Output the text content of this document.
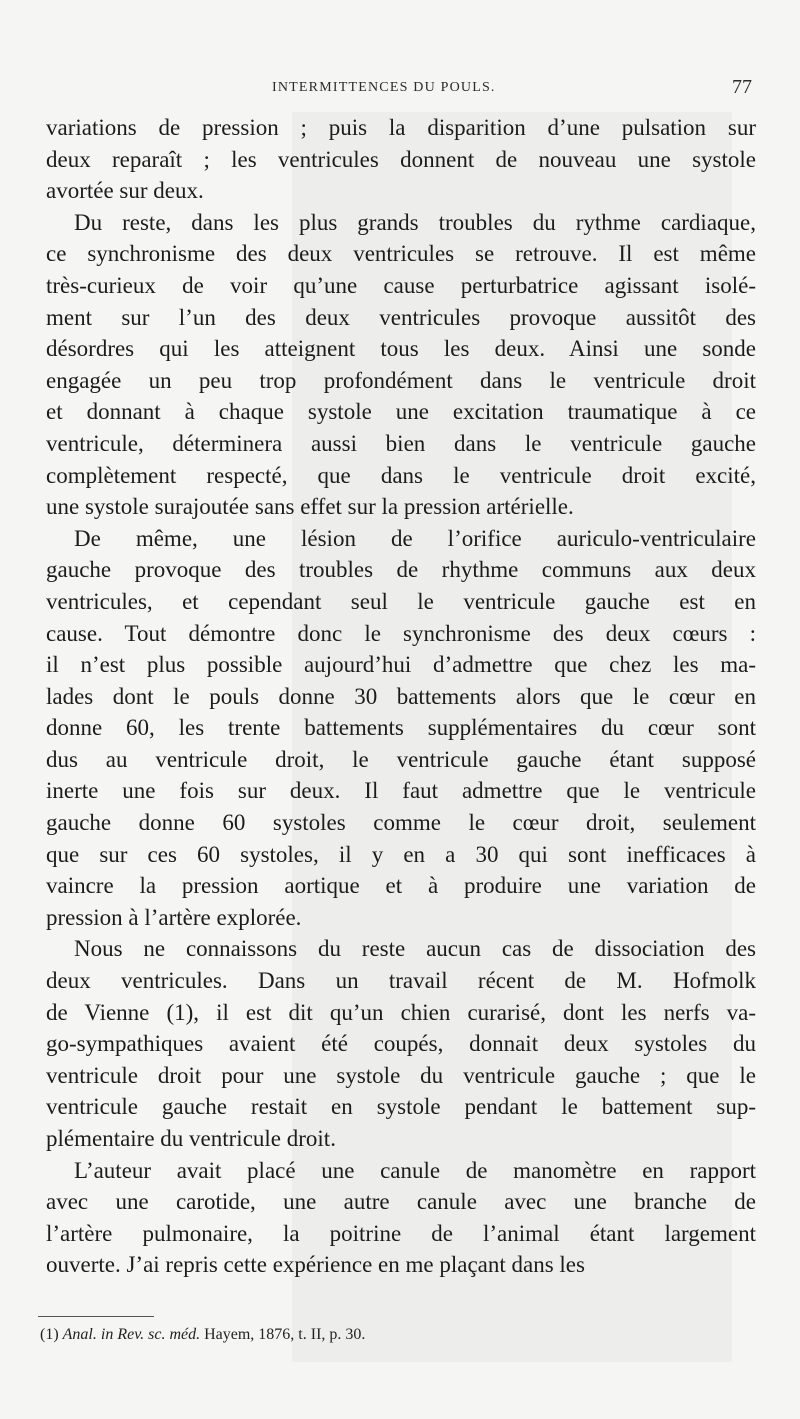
INTERMITTENCES DU POULS.	77

variations de pression ; puis la disparition d’une pulsation sur
deux reparaît ; les ventricules donnent de nouveau une systole
avortée sur deux.

Du reste, dans les plus grands troubles du rythme cardiaque,
ce synchronisme des deux ventricules se retrouve. Il est même
très-curieux de voir qu’une cause perturbatrice agissant isolé-
ment sur l’un des deux ventricules provoque aussitôt des
désordres qui les atteignent tous les deux. Ainsi une sonde
engagée un peu trop profondément dans le ventricule droit
et donnant à chaque systole une excitation traumatique à ce
ventricule, déterminera aussi bien dans le ventricule gauche
complètement respecté, que dans le ventricule droit excité,
une systole surajoutée sans effet sur la pression artérielle.

De même, une lésion de l’orifice auriculo-ventriculaire
gauche provoque des troubles de rhythme communs aux deux
ventricules, et cependant seul le ventricule gauche est en
cause. Tout démontre donc le synchronisme des deux cœurs :
il n’est plus possible aujourd’hui d’admettre que chez les ma-
lades dont le pouls donne 30 battements alors que le cœur en
donne 60, les trente battements supplémentaires du cœur sont
dus au ventricule droit, le ventricule gauche étant supposé
inerte une fois sur deux. Il faut admettre que le ventricule
gauche donne 60 systoles comme le cœur droit, seulement
que sur ces 60 systoles, il y en a 30 qui sont inefficaces à
vaincre la pression aortique et à produire une variation de
pression à l’artère explorée.

Nous ne connaissons du reste aucun cas de dissociation des
deux ventricules. Dans un travail récent de M. Hofmolk
de Vienne (1), il est dit qu’un chien curarisé, dont les nerfs va-
go-sympathiques avaient été coupés, donnait deux systoles du
ventricule droit pour une systole du ventricule gauche ; que le
ventricule gauche restait en systole pendant le battement sup-
plémentaire du ventricule droit.

L’auteur avait placé une canule de manomètre en rapport
avec une carotide, une autre canule avec une branche de
l’artère pulmonaire, la poitrine de l’animal étant largement
ouverte. J’ai repris cette expérience en me plaçant dans les

(1) Anal. in Rev. sc. méd. Hayem, 1876, t. II, p. 30.
